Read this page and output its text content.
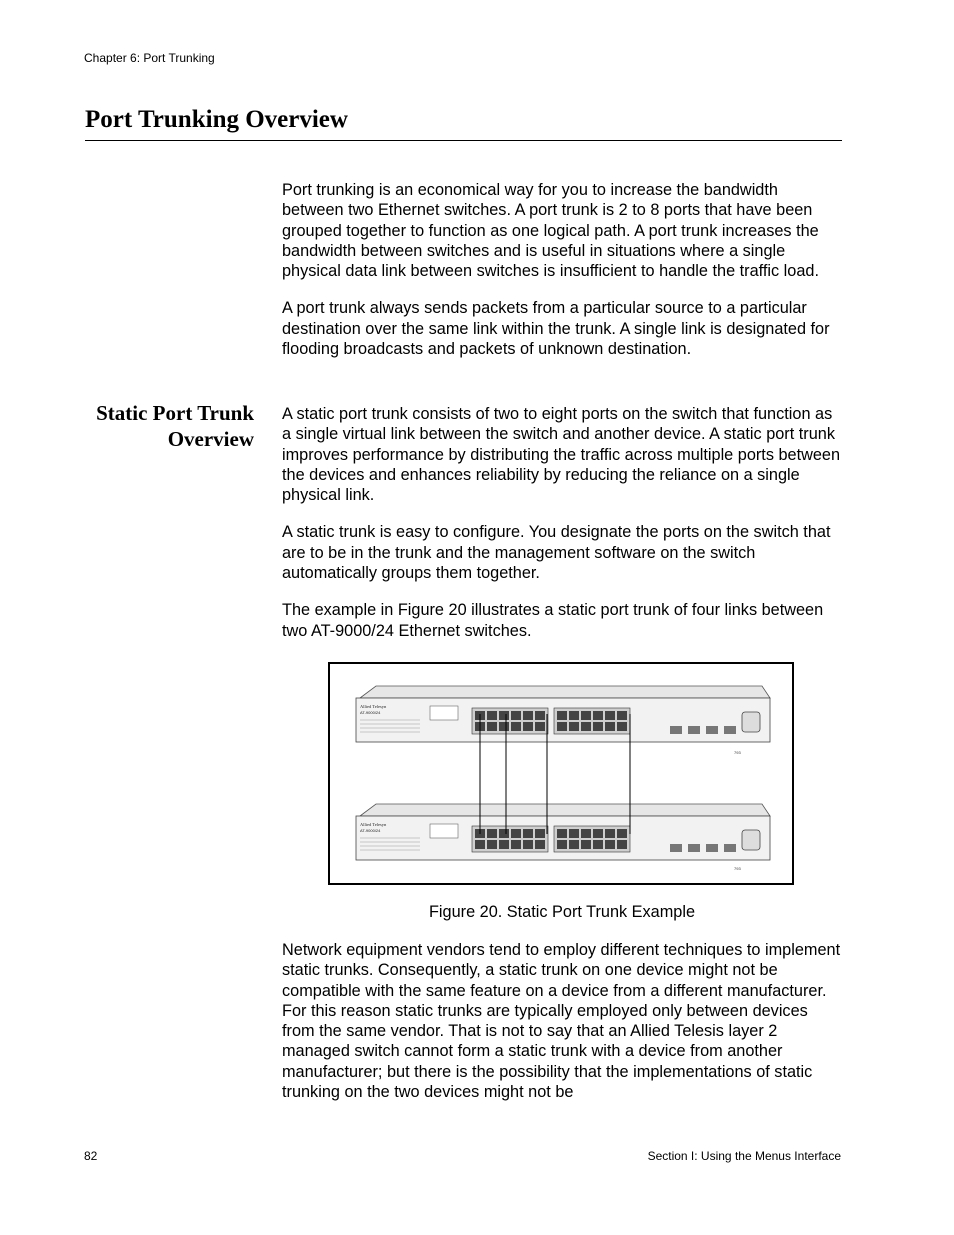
Chapter 6: Port Trunking
Port Trunking Overview

Port trunking is an economical way for you to increase the bandwidth between two Ethernet switches. A port trunk is 2 to 8 ports that have been grouped together to function as one logical path. A port trunk increases the bandwidth between switches and is useful in situations where a single physical data link between switches is insufficient to handle the traffic load.

A port trunk always sends packets from a particular source to a particular destination over the same link within the trunk. A single link is designated for flooding broadcasts and packets of unknown destination.

Static Port Trunk
Overview

A static port trunk consists of two to eight ports on the switch that function as a single virtual link between the switch and another device. A static port trunk improves performance by distributing the traffic across multiple ports between the devices and enhances reliability by reducing the reliance on a single physical link.

A static trunk is easy to configure. You designate the ports on the switch that are to be in the trunk and the management software on the switch automatically groups them together.

The example in Figure 20 illustrates a static port trunk of four links between two AT-9000/24 Ethernet switches.

Allied Telesyn
AT-9000/24
793
Allied Telesyn
AT-9000/24
793
Figure 20. Static Port Trunk Example

Network equipment vendors tend to employ different techniques to implement static trunks. Consequently, a static trunk on one device might not be compatible with the same feature on a device from a different manufacturer. For this reason static trunks are typically employed only between devices from the same vendor. That is not to say that an Allied Telesis layer 2 managed switch cannot form a static trunk with a device from another manufacturer; but there is the possibility that the implementations of static trunking on the two devices might not be

82	Section I: Using the Menus Interface
